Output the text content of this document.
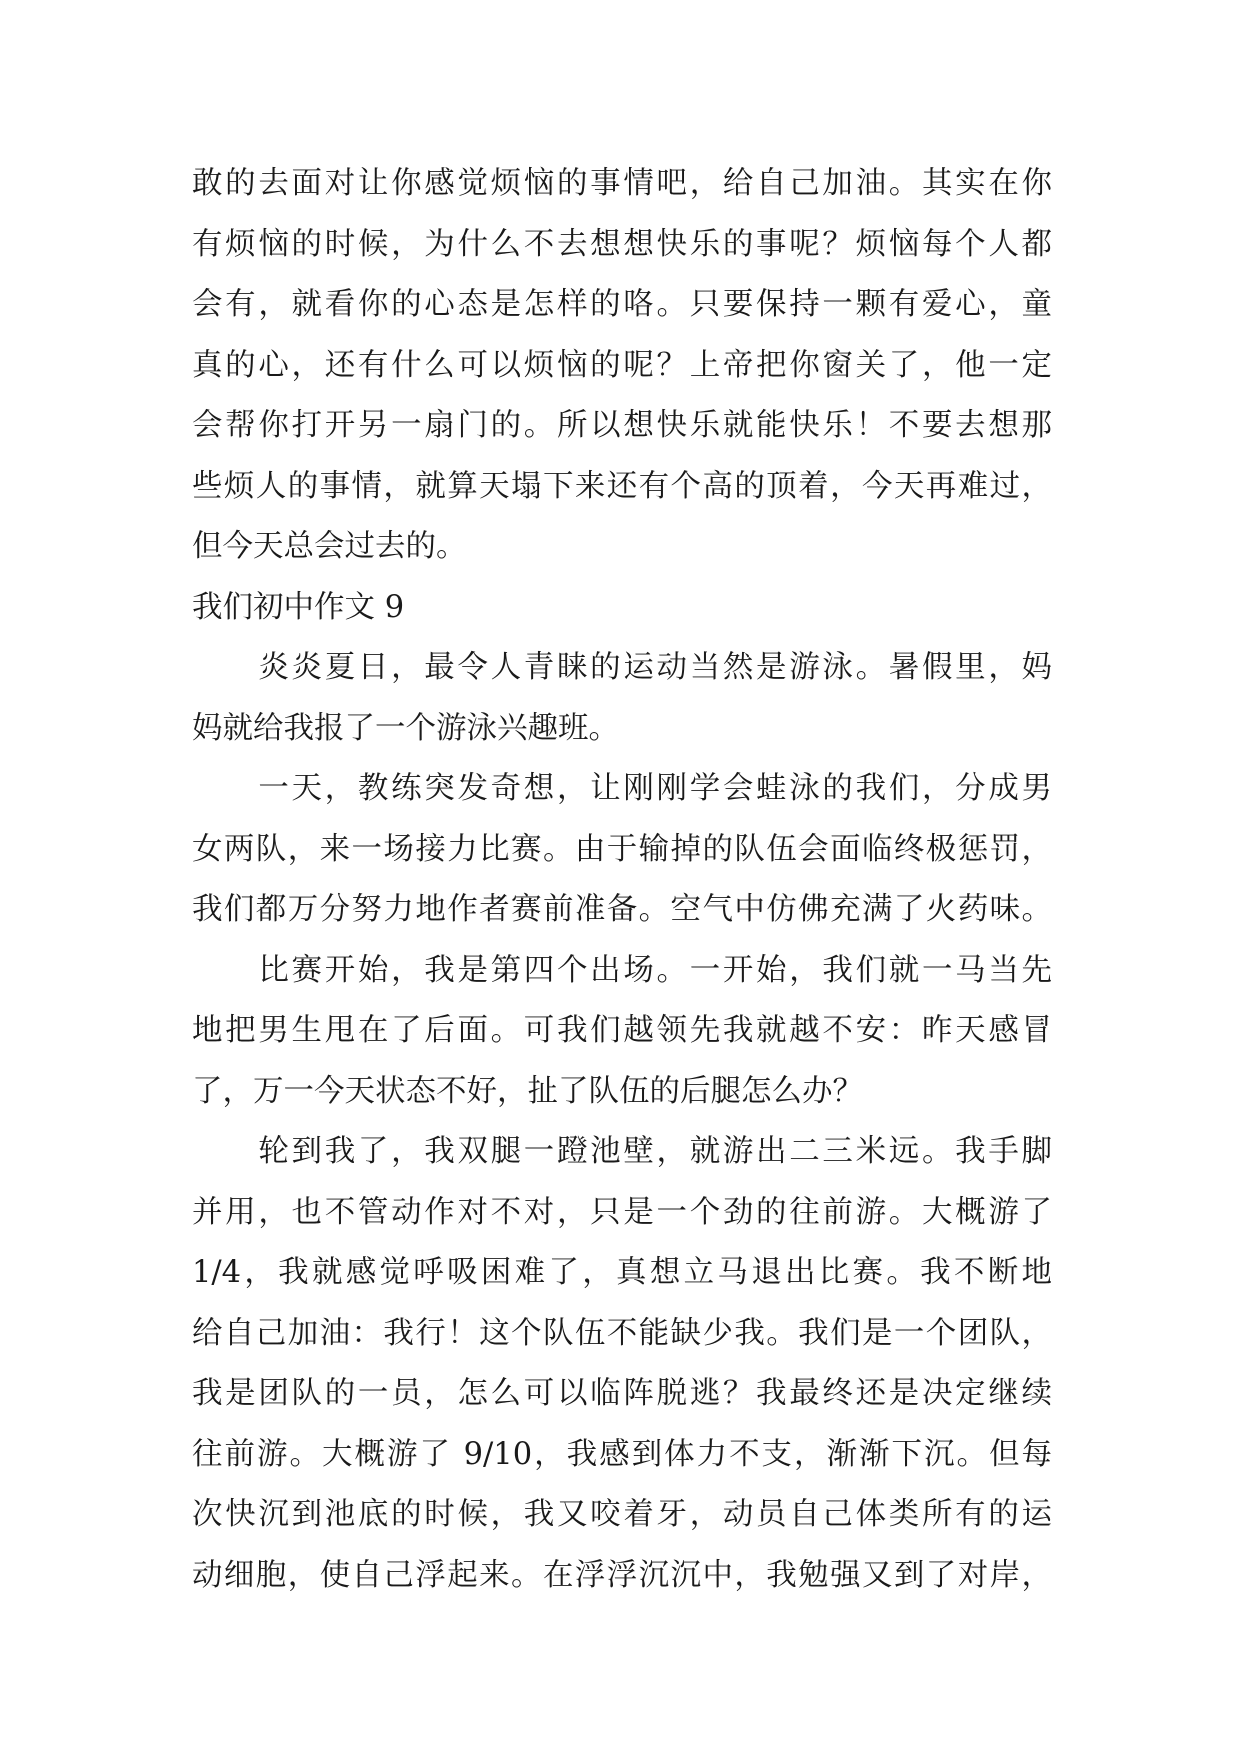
敢的去面对让你感觉烦恼的事情吧，给自己加油。其实在你
有烦恼的时候，为什么不去想想快乐的事呢？烦恼每个人都
会有，就看你的心态是怎样的咯。只要保持一颗有爱心，童
真的心，还有什么可以烦恼的呢？上帝把你窗关了，他一定
会帮你打开另一扇门的。所以想快乐就能快乐！不要去想那
些烦人的事情，就算天塌下来还有个高的顶着，今天再难过，
但今天总会过去的。
我们初中作文 9
　　炎炎夏日，最令人青睐的运动当然是游泳。暑假里，妈
妈就给我报了一个游泳兴趣班。
　　一天，教练突发奇想，让刚刚学会蛙泳的我们，分成男
女两队，来一场接力比赛。由于输掉的队伍会面临终极惩罚，
我们都万分努力地作者赛前准备。空气中仿佛充满了火药味。
　　比赛开始，我是第四个出场。一开始，我们就一马当先
地把男生甩在了后面。可我们越领先我就越不安：昨天感冒
了，万一今天状态不好，扯了队伍的后腿怎么办？
　　轮到我了，我双腿一蹬池壁，就游出二三米远。我手脚
并用，也不管动作对不对，只是一个劲的往前游。大概游了
1/4，我就感觉呼吸困难了，真想立马退出比赛。我不断地
给自己加油：我行！这个队伍不能缺少我。我们是一个团队，
我是团队的一员，怎么可以临阵脱逃？我最终还是决定继续
往前游。大概游了 9/10，我感到体力不支，渐渐下沉。但每
次快沉到池底的时候，我又咬着牙，动员自己体类所有的运
动细胞，使自己浮起来。在浮浮沉沉中，我勉强又到了对岸，
